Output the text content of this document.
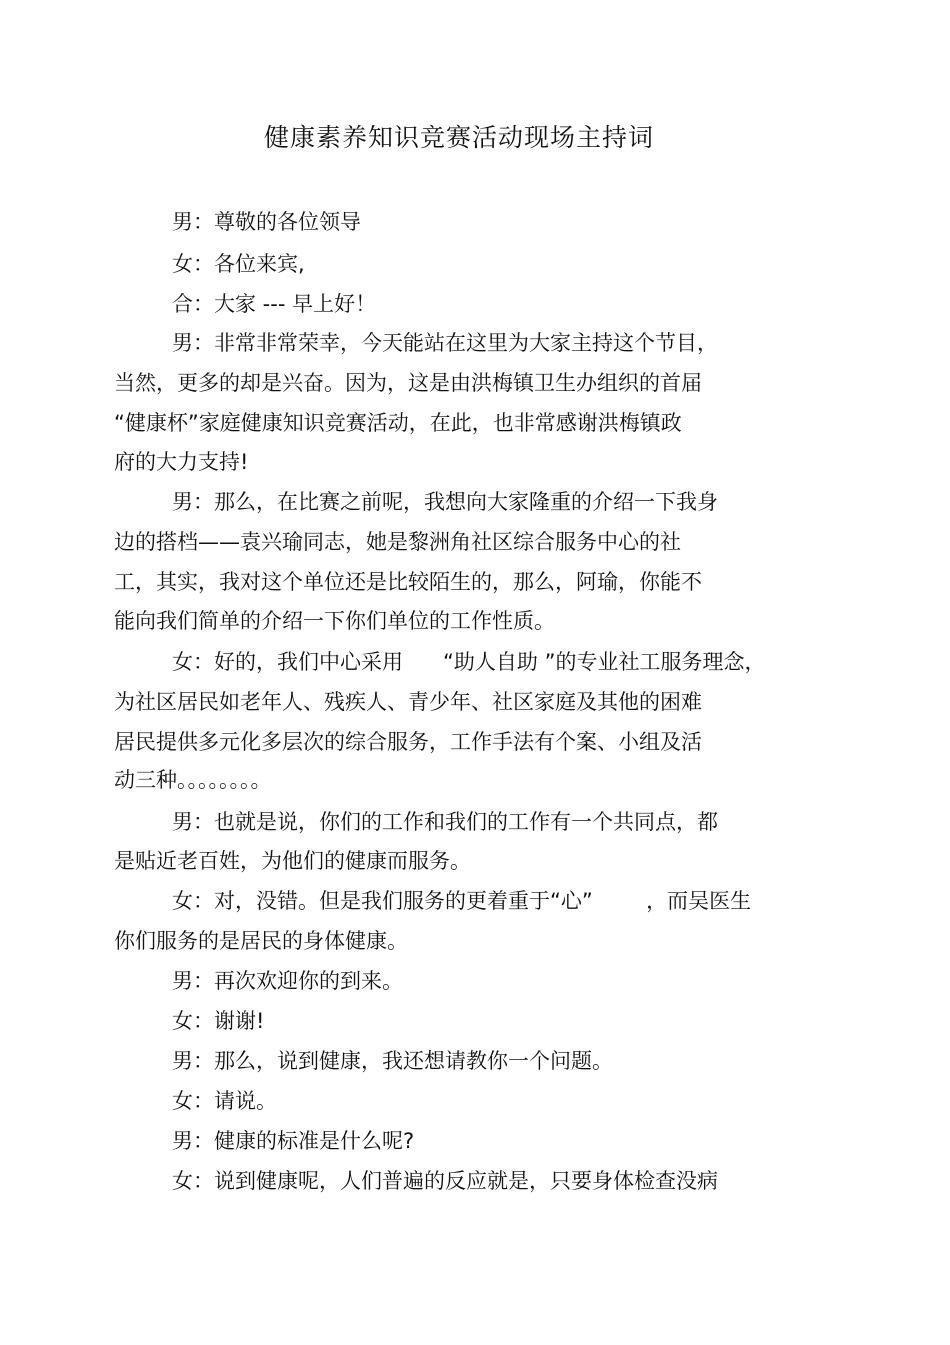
健康素养知识竞赛活动现场主持词
男：尊敬的各位领导
女：各位来宾,
合：大家 --- 早上好！
男：非常非常荣幸，今天能站在这里为大家主持这个节目，
当然，更多的却是兴奋。因为，这是由洪梅镇卫生办组织的首届
“健康杯”家庭健康知识竞赛活动，在此，也非常感谢洪梅镇政
府的大力支持!
男：那么，在比赛之前呢，我想向大家隆重的介绍一下我身
边的搭档——袁兴瑜同志，她是黎洲角社区综合服务中心的社
工，其实，我对这个单位还是比较陌生的，那么，阿瑜，你能不
能向我们简单的介绍一下你们单位的工作性质。
女：好的，我们中心采用      “助人自助 ”的专业社工服务理念，
为社区居民如老年人、残疾人、青少年、社区家庭及其他的困难
居民提供多元化多层次的综合服务，工作手法有个案、小组及活
动三种。。。。。。。。
男：也就是说，你们的工作和我们的工作有一个共同点，都
是贴近老百姓，为他们的健康而服务。
女：对，没错。但是我们服务的更着重于“心”        ，而吴医生
你们服务的是居民的身体健康。
男：再次欢迎你的到来。
女：谢谢!
男：那么，说到健康，我还想请教你一个问题。
女：请说。
男：健康的标准是什么呢?
女：说到健康呢，人们普遍的反应就是，只要身体检查没病
